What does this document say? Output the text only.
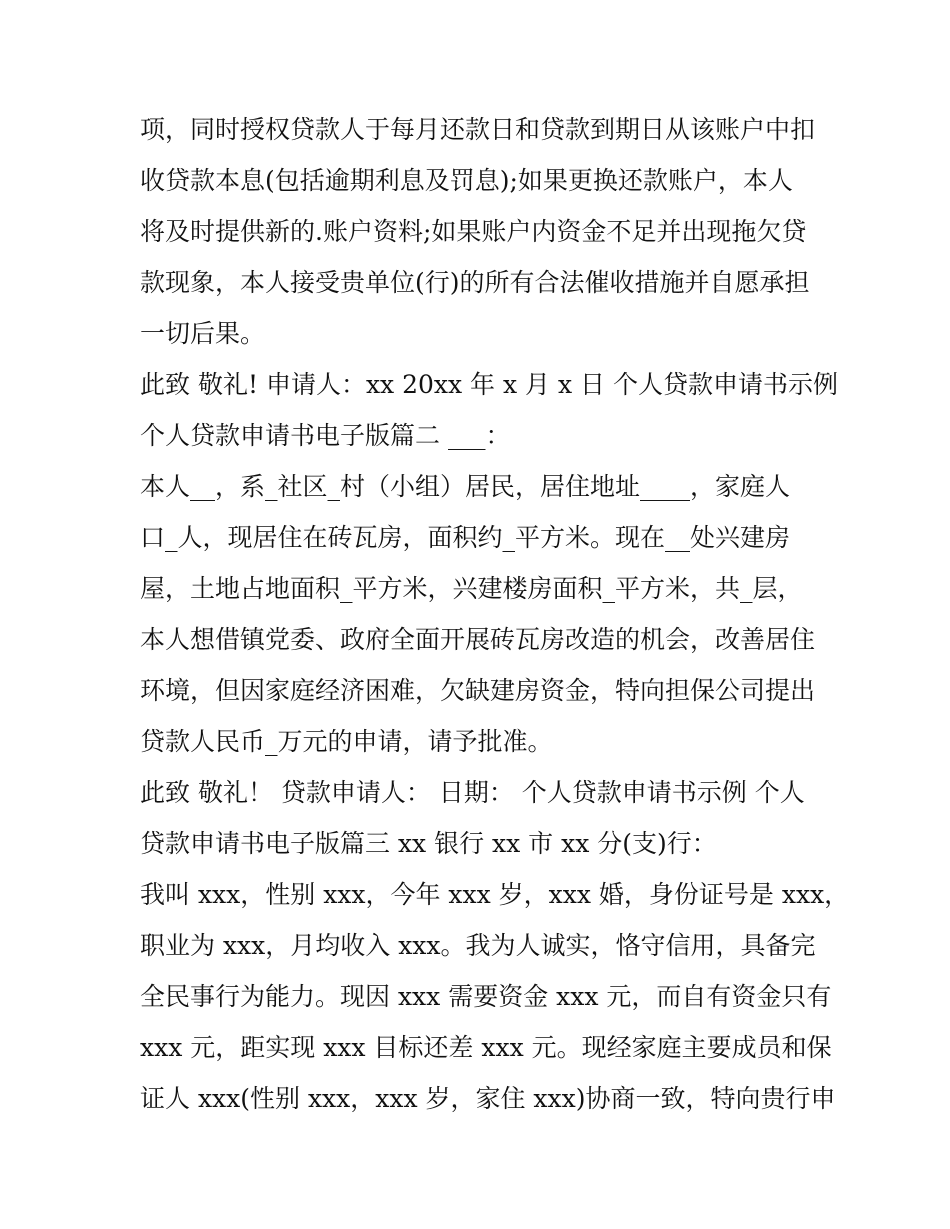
项，同时授权贷款人于每月还款日和贷款到期日从该账户中扣
收贷款本息(包括逾期利息及罚息);如果更换还款账户，本人
将及时提供新的.账户资料;如果账户内资金不足并出现拖欠贷
款现象，本人接受贵单位(行)的所有合法催收措施并自愿承担
一切后果。
此致 敬礼! 申请人：xx 20xx 年 x 月 x 日 个人贷款申请书示例
个人贷款申请书电子版篇二 ___：
本人__，系_社区_村（小组）居民，居住地址____，家庭人
口_人，现居住在砖瓦房，面积约_平方米。现在__处兴建房
屋，土地占地面积_平方米，兴建楼房面积_平方米，共_层，
本人想借镇党委、政府全面开展砖瓦房改造的机会，改善居住
环境，但因家庭经济困难，欠缺建房资金，特向担保公司提出
贷款人民币_万元的申请，请予批准。
此致 敬礼！ 贷款申请人： 日期： 个人贷款申请书示例 个人
贷款申请书电子版篇三 xx 银行 xx 市 xx 分(支)行：
我叫 xxx，性别 xxx，今年 xxx 岁，xxx 婚，身份证号是 xxx，
职业为 xxx，月均收入 xxx。我为人诚实，恪守信用，具备完
全民事行为能力。现因 xxx 需要资金 xxx 元，而自有资金只有
xxx 元，距实现 xxx 目标还差 xxx 元。现经家庭主要成员和保
证人 xxx(性别 xxx，xxx 岁，家住 xxx)协商一致，特向贵行申
